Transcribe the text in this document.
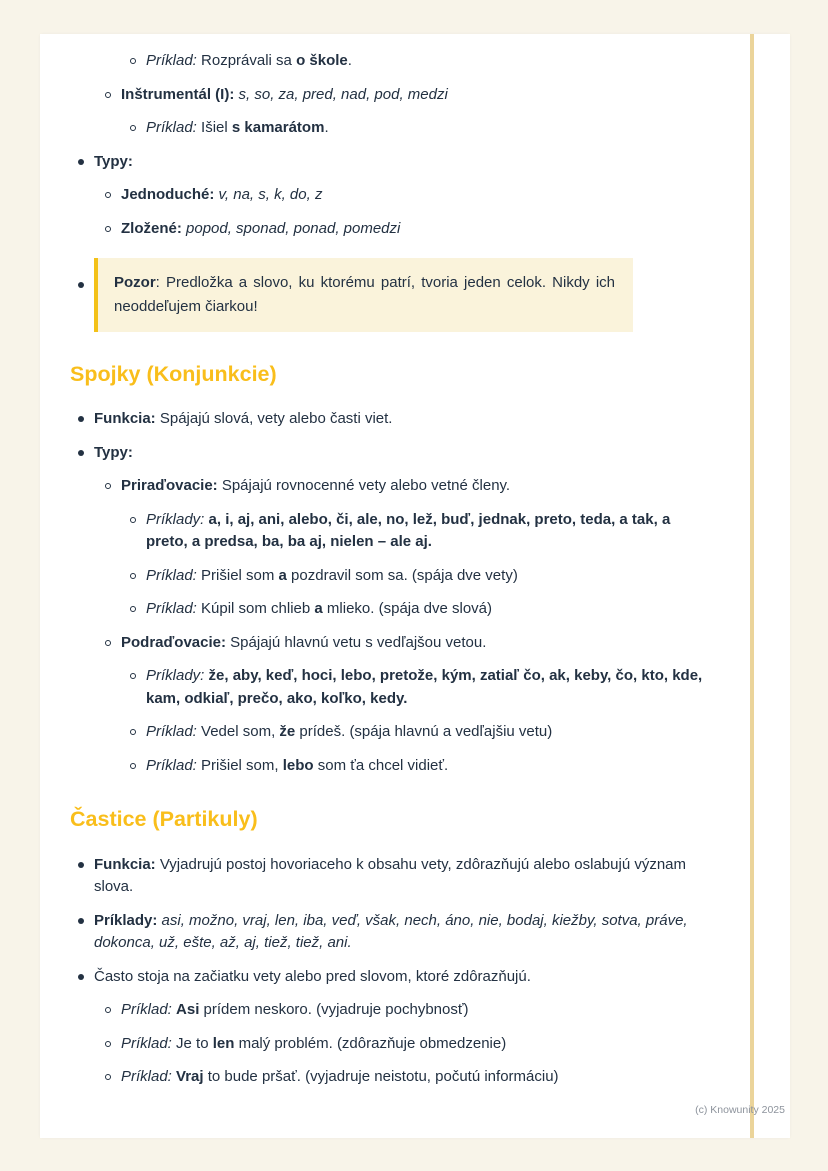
Príklad: Rozprávali sa o škole.
Inštrumentál (I): s, so, za, pred, nad, pod, medzi
Príklad: Išiel s kamarátom.
Typy:
Jednoduché: v, na, s, k, do, z
Zložené: popod, sponad, ponad, pomedzi
Pozor: Predložka a slovo, ku ktorému patrí, tvoria jeden celok. Nikdy ich neoddeľujem čiarkou!
Spojky (Konjunkcie)
Funkcia: Spájajú slová, vety alebo časti viet.
Typy:
Priraďovacie: Spájajú rovnocenné vety alebo vetné členy.
Príklady: a, i, aj, ani, alebo, či, ale, no, lež, buď, jednak, preto, teda, a tak, a preto, a predsa, ba, ba aj, nielen – ale aj.
Príklad: Prišiel som a pozdravil som sa. (spája dve vety)
Príklad: Kúpil som chlieb a mlieko. (spája dve slová)
Podraďovacie: Spájajú hlavnú vetu s vedľajšou vetou.
Príklady: že, aby, keď, hoci, lebo, pretože, kým, zatiaľ čo, ak, keby, čo, kto, kde, kam, odkiaľ, prečo, ako, koľko, kedy.
Príklad: Vedel som, že prídeš. (spája hlavnú a vedľajšiu vetu)
Príklad: Prišiel som, lebo som ťa chcel vidieť.
Častice (Partikuly)
Funkcia: Vyjadrujú postoj hovoriaceho k obsahu vety, zdôrazňujú alebo oslabujú význam slova.
Príklady: asi, možno, vraj, len, iba, veď, však, nech, áno, nie, bodaj, kiežby, sotva, práve, dokonca, už, ešte, až, aj, tiež, tiež, ani.
Často stoja na začiatku vety alebo pred slovom, ktoré zdôrazňujú.
Príklad: Asi prídem neskoro. (vyjadruje pochybnosť)
Príklad: Je to len malý problém. (zdôrazňuje obmedzenie)
Príklad: Vraj to bude pršať. (vyjadruje neistotu, počutú informáciu)
(c) Knowunity 2025
